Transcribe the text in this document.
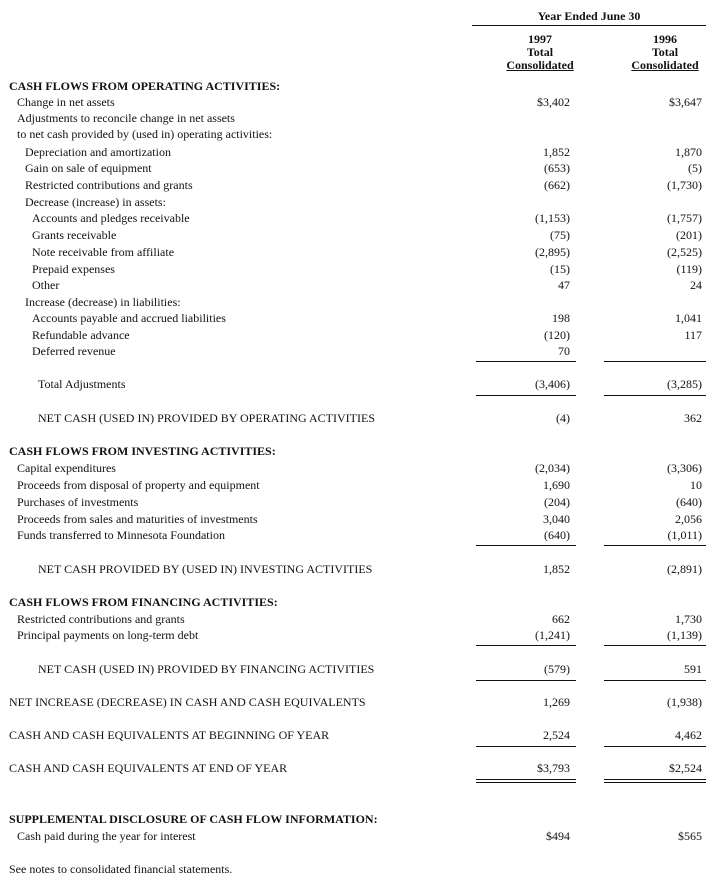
Year Ended June 30
1997
Total
Consolidated
1996
Total
Consolidated
CASH FLOWS FROM OPERATING ACTIVITIES:
Change in net assets	$3,402	$3,647
Adjustments to reconcile change in net assets
to net cash provided by (used in) operating activities:
Depreciation and amortization	1,852	1,870
Gain on sale of equipment	(653)	(5)
Restricted contributions and grants	(662)	(1,730)
Decrease (increase) in assets:
Accounts and pledges receivable	(1,153)	(1,757)
Grants receivable	(75)	(201)
Note receivable from affiliate	(2,895)	(2,525)
Prepaid expenses	(15)	(119)
Other	47	24
Increase (decrease) in liabilities:
Accounts payable and accrued liabilities	198	1,041
Refundable advance	(120)	117
Deferred revenue	70
Total Adjustments	(3,406)	(3,285)
NET CASH (USED IN) PROVIDED BY OPERATING ACTIVITIES	(4)	362
CASH FLOWS FROM INVESTING ACTIVITIES:
Capital expenditures	(2,034)	(3,306)
Proceeds from disposal of property and equipment	1,690	10
Purchases of investments	(204)	(640)
Proceeds from sales and maturities of investments	3,040	2,056
Funds transferred to Minnesota Foundation	(640)	(1,011)
NET CASH PROVIDED BY (USED IN) INVESTING ACTIVITIES	1,852	(2,891)
CASH FLOWS FROM FINANCING ACTIVITIES:
Restricted contributions and grants	662	1,730
Principal payments on long-term debt	(1,241)	(1,139)
NET CASH (USED IN) PROVIDED BY FINANCING ACTIVITIES	(579)	591
NET INCREASE (DECREASE) IN CASH AND CASH EQUIVALENTS	1,269	(1,938)
CASH AND CASH EQUIVALENTS AT BEGINNING OF YEAR	2,524	4,462
CASH AND CASH EQUIVALENTS AT END OF YEAR	$3,793	$2,524
SUPPLEMENTAL DISCLOSURE OF CASH FLOW INFORMATION:
Cash paid during the year for interest	$494	$565
See notes to consolidated financial statements.
